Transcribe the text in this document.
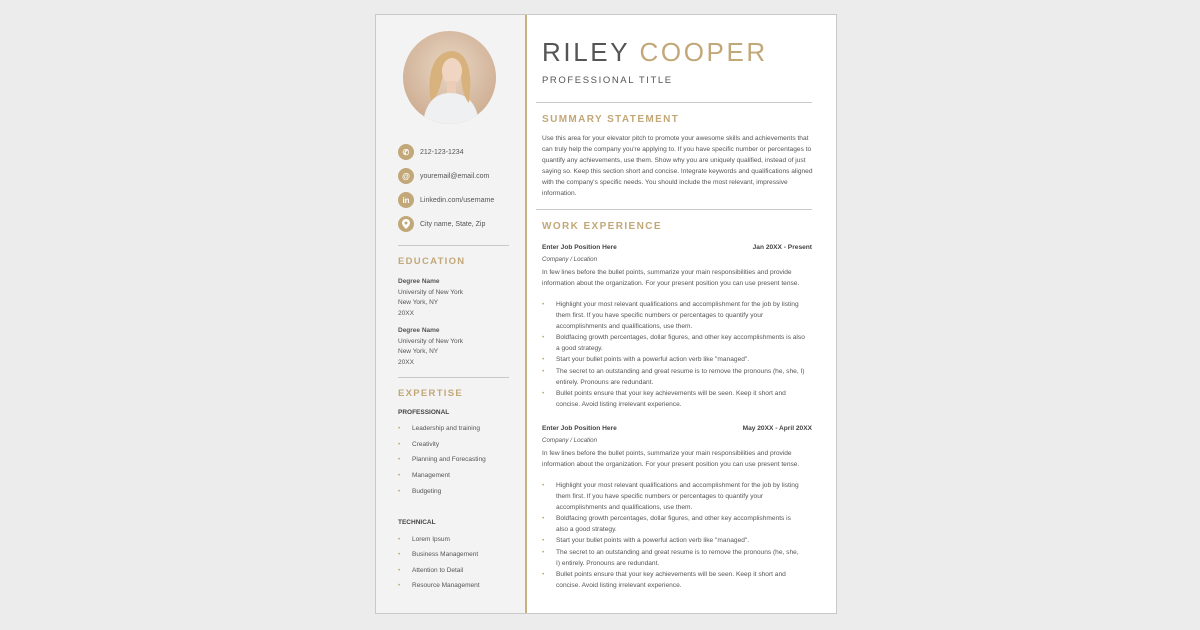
✆	212-123-1234
@	youremail@email.com
in	Linkedin.com/username
City name, State, Zip
EDUCATION
Degree Name
University of New York
New York, NY
20XX
Degree Name
University of New York
New York, NY
20XX
EXPERTISE
PROFESSIONAL
• Leadership and training
• Creativity
• Planning and Forecasting
• Management
• Budgeting
TECHNICAL
• Lorem Ipsum
• Business Management
• Attention to Detail
• Resource Management
RILEY COOPER
PROFESSIONAL TITLE
SUMMARY STATEMENT
Use this area for your elevator pitch to promote your awesome skills and achievements that can truly help the company you're applying to. If you have specific number or percentages to quantify any achievements, use them. Show why you are uniquely qualified, instead of just saying so. Keep this section short and concise. Integrate keywords and qualifications aligned with the company's specific needs. You should include the most relevant, impressive information.
WORK EXPERIENCE
Enter Job Position Here	Jan 20XX - Present
Company / Location
In few lines before the bullet points, summarize your main responsibilities and provide information about the organization. For your present position you can use present tense.
• Highlight your most relevant qualifications and accomplishment for the job by listing them first. If you have specific numbers or percentages to quantify your accomplishments and qualifications, use them.
• Boldfacing growth percentages, dollar figures, and other key accomplishments is also a good strategy.
• Start your bullet points with a powerful action verb like "managed".
• The secret to an outstanding and great resume is to remove the pronouns (he, she, I) entirely. Pronouns are redundant.
• Bullet points ensure that your key achievements will be seen. Keep it short and concise. Avoid listing irrelevant experience.
Enter Job Position Here	May 20XX - April 20XX
Company / Location
In few lines before the bullet points, summarize your main responsibilities and provide information about the organization. For your present position you can use present tense.
• Highlight your most relevant qualifications and accomplishment for the job by listing them first. If you have specific numbers or percentages to quantify your accomplishments and qualifications, use them.
• Boldfacing growth percentages, dollar figures, and other key accomplishments is also a good strategy.
• Start your bullet points with a powerful action verb like "managed".
• The secret to an outstanding and great resume is to remove the pronouns (he, she, I) entirely. Pronouns are redundant.
• Bullet points ensure that your key achievements will be seen. Keep it short and concise. Avoid listing irrelevant experience.
